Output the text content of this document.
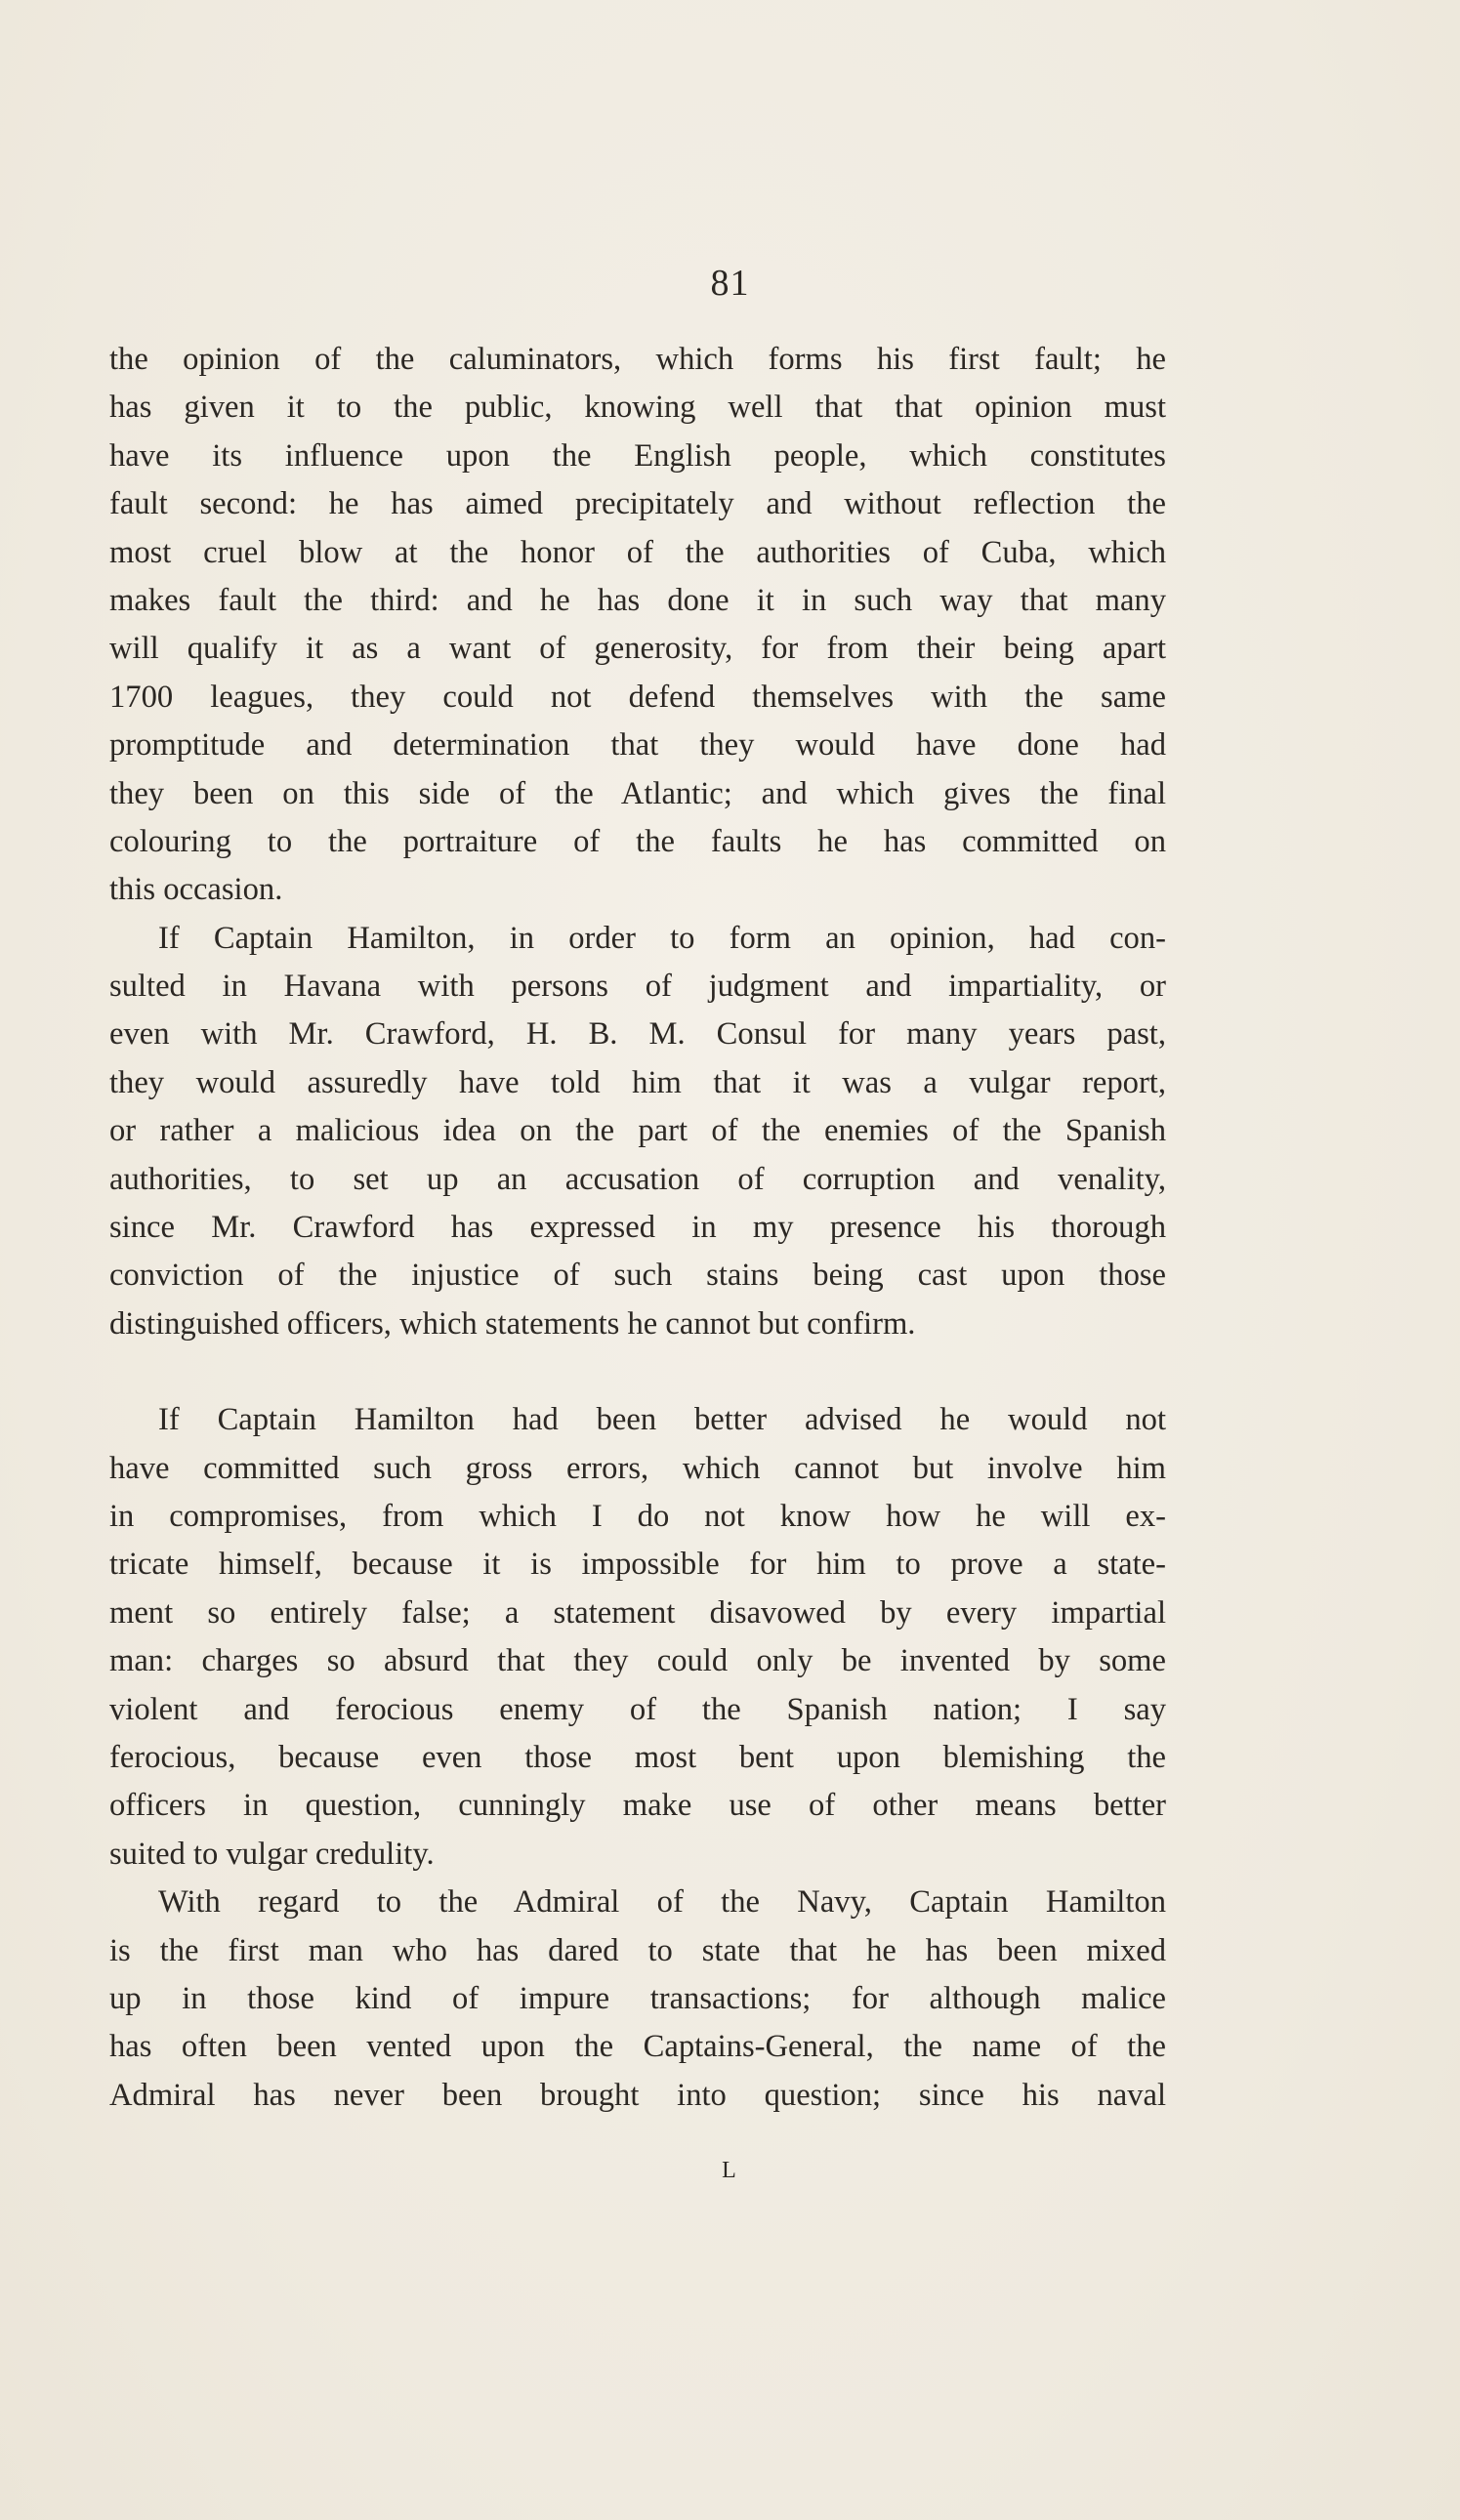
81
the opinion of the caluminators, which forms his first fault; he
has given it to the public, knowing well that that opinion must
have its influence upon the English people, which constitutes
fault second: he has aimed precipitately and without reflection the
most cruel blow at the honor of the authorities of Cuba, which
makes fault the third: and he has done it in such way that many
will qualify it as a want of generosity, for from their being apart
1700 leagues, they could not defend themselves with the same
promptitude and determination that they would have done had
they been on this side of the Atlantic; and which gives the final
colouring to the portraiture of the faults he has committed on
this occasion.
If Captain Hamilton, in order to form an opinion, had con-
sulted in Havana with persons of judgment and impartiality, or
even with Mr. Crawford, H. B. M. Consul for many years past,
they would assuredly have told him that it was a vulgar report,
or rather a malicious idea on the part of the enemies of the Spanish
authorities, to set up an accusation of corruption and venality,
since Mr. Crawford has expressed in my presence his thorough
conviction of the injustice of such stains being cast upon those
distinguished officers, which statements he cannot but confirm.
If Captain Hamilton had been better advised he would not
have committed such gross errors, which cannot but involve him
in compromises, from which I do not know how he will ex-
tricate himself, because it is impossible for him to prove a state-
ment so entirely false; a statement disavowed by every impartial
man: charges so absurd that they could only be invented by some
violent and ferocious enemy of the Spanish nation; I say
ferocious, because even those most bent upon blemishing the
officers in question, cunningly make use of other means better
suited to vulgar credulity.
With regard to the Admiral of the Navy, Captain Hamilton
is the first man who has dared to state that he has been mixed
up in those kind of impure transactions; for although malice
has often been vented upon the Captains-General, the name of the
Admiral has never been brought into question; since his naval
L
